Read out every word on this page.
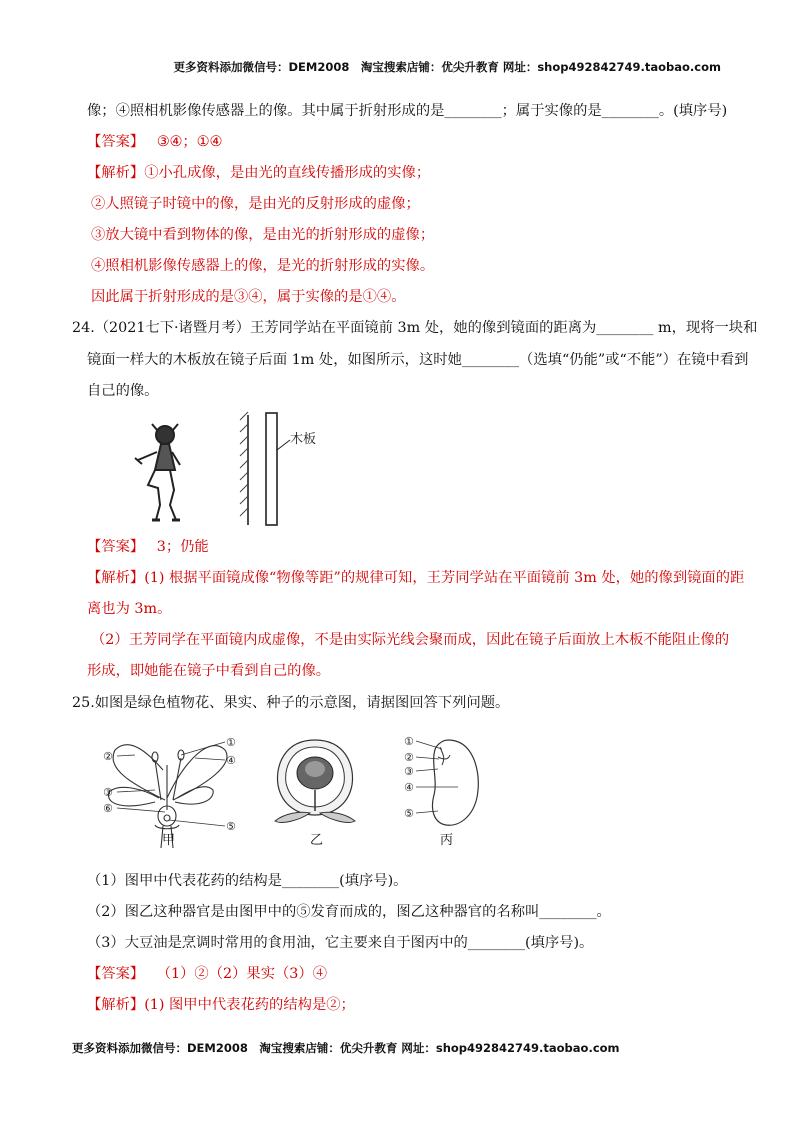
更多资料添加微信号：DEM2008　淘宝搜索店铺：优尖升教育 网址：shop492842749.taobao.com
像；④照相机影像传感器上的像。其中属于折射形成的是________；属于实像的是________。(填序号)
【答案】 ③④；①④
【解析】①小孔成像，是由光的直线传播形成的实像；
②人照镜子时镜中的像，是由光的反射形成的虚像；
③放大镜中看到物体的像，是由光的折射形成的虚像；
④照相机影像传感器上的像，是光的折射形成的实像。
因此属于折射形成的是③④，属于实像的是①④。
24.（2021七下·诸暨月考）王芳同学站在平面镜前 3m 处，她的像到镜面的距离为________ m，现将一块和
镜面一样大的木板放在镜子后面 1m 处，如图所示，这时她________（选填“仍能”或“不能”）在镜中看到
自己的像。
木板
【答案】 3；仍能
【解析】(1) 根据平面镜成像“物像等距”的规律可知，王芳同学站在平面镜前 3m 处，她的像到镜面的距
离也为 3m。
（2）王芳同学在平面镜内成虚像，不是由实际光线会聚而成，因此在镜子后面放上木板不能阻止像的
形成，即她能在镜子中看到自己的像。
25.如图是绿色植物花、果实、种子的示意图，请据图回答下列问题。
①
②	④
③
⑥
⑤
甲	乙
①
②
③
④
⑤
丙
（1）图甲中代表花药的结构是________(填序号)。
（2）图乙这种器官是由图甲中的⑤发育而成的，图乙这种器官的名称叫________。
（3）大豆油是烹调时常用的食用油，它主要来自于图丙中的________(填序号)。
【答案】 （1）②（2）果实（3）④
【解析】(1) 图甲中代表花药的结构是②；
更多资料添加微信号：DEM2008　淘宝搜索店铺：优尖升教育 网址：shop492842749.taobao.com
